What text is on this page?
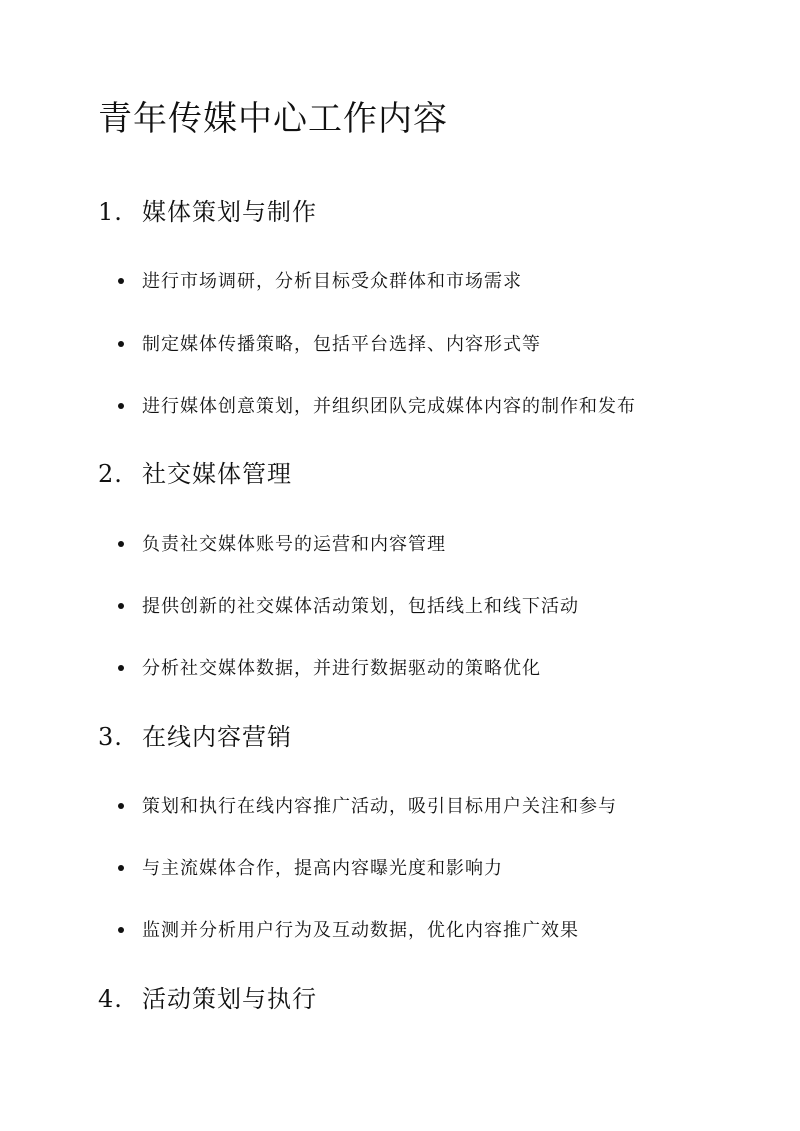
青年传媒中心工作内容
1. 媒体策划与制作
进行市场调研，分析目标受众群体和市场需求
制定媒体传播策略，包括平台选择、内容形式等
进行媒体创意策划，并组织团队完成媒体内容的制作和发布
2. 社交媒体管理
负责社交媒体账号的运营和内容管理
提供创新的社交媒体活动策划，包括线上和线下活动
分析社交媒体数据，并进行数据驱动的策略优化
3. 在线内容营销
策划和执行在线内容推广活动，吸引目标用户关注和参与
与主流媒体合作，提高内容曝光度和影响力
监测并分析用户行为及互动数据，优化内容推广效果
4. 活动策划与执行
